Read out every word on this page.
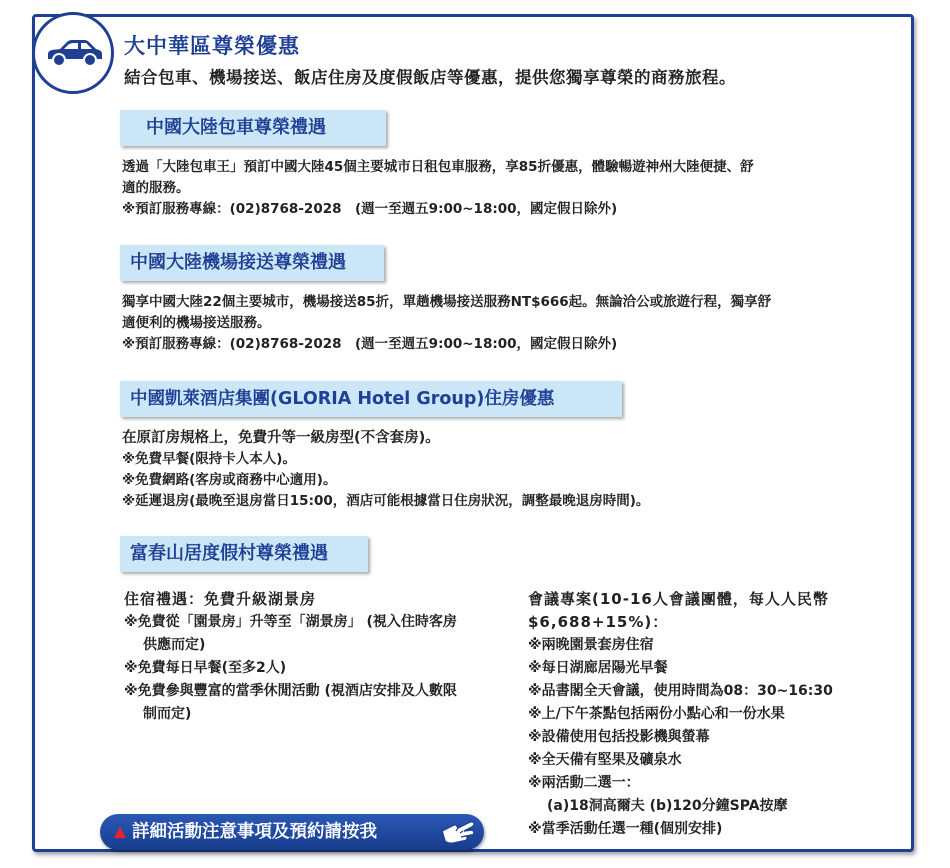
大中華區尊榮優惠
結合包車、機場接送、飯店住房及度假飯店等優惠，提供您獨享尊榮的商務旅程。
中國大陸包車尊榮禮遇
透過「大陸包車王」預訂中國大陸45個主要城市日租包車服務，享85折優惠，體驗暢遊神州大陸便捷、舒
適的服務。
※預訂服務專線：(02)8768-2028　(週一至週五9:00~18:00，國定假日除外)
中國大陸機場接送尊榮禮遇
獨享中國大陸22個主要城市，機場接送85折，單趟機場接送服務NT$666起。無論洽公或旅遊行程，獨享舒
適便利的機場接送服務。
※預訂服務專線：(02)8768-2028　(週一至週五9:00~18:00，國定假日除外)
中國凱萊酒店集團(GLORIA Hotel Group)住房優惠
在原訂房規格上，免費升等一級房型(不含套房)。
※免費早餐(限持卡人本人)。
※免費網路(客房或商務中心適用)。
※延遲退房(最晚至退房當日15:00，酒店可能根據當日住房狀況，調整最晚退房時間)。
富春山居度假村尊榮禮遇
住宿禮遇：免費升級湖景房
※免費從「園景房」升等至「湖景房」 (視入住時客房
供應而定)
※免費每日早餐(至多2人)
※免費參與豐富的當季休閒活動 (視酒店安排及人數限
制而定)
會議專案(10-16人會議團體，每人人民幣
$6,688+15%)：
※兩晚園景套房住宿
※每日湖廊居陽光早餐
※品書閣全天會議，使用時間為08：30~16:30
※上/下午茶點包括兩份小點心和一份水果
※設備使用包括投影機與螢幕
※全天備有堅果及礦泉水
※兩活動二選一：
(a)18洞高爾夫 (b)120分鐘SPA按摩
※當季活動任選一種(個別安排)
詳細活動注意事項及預約請按我
